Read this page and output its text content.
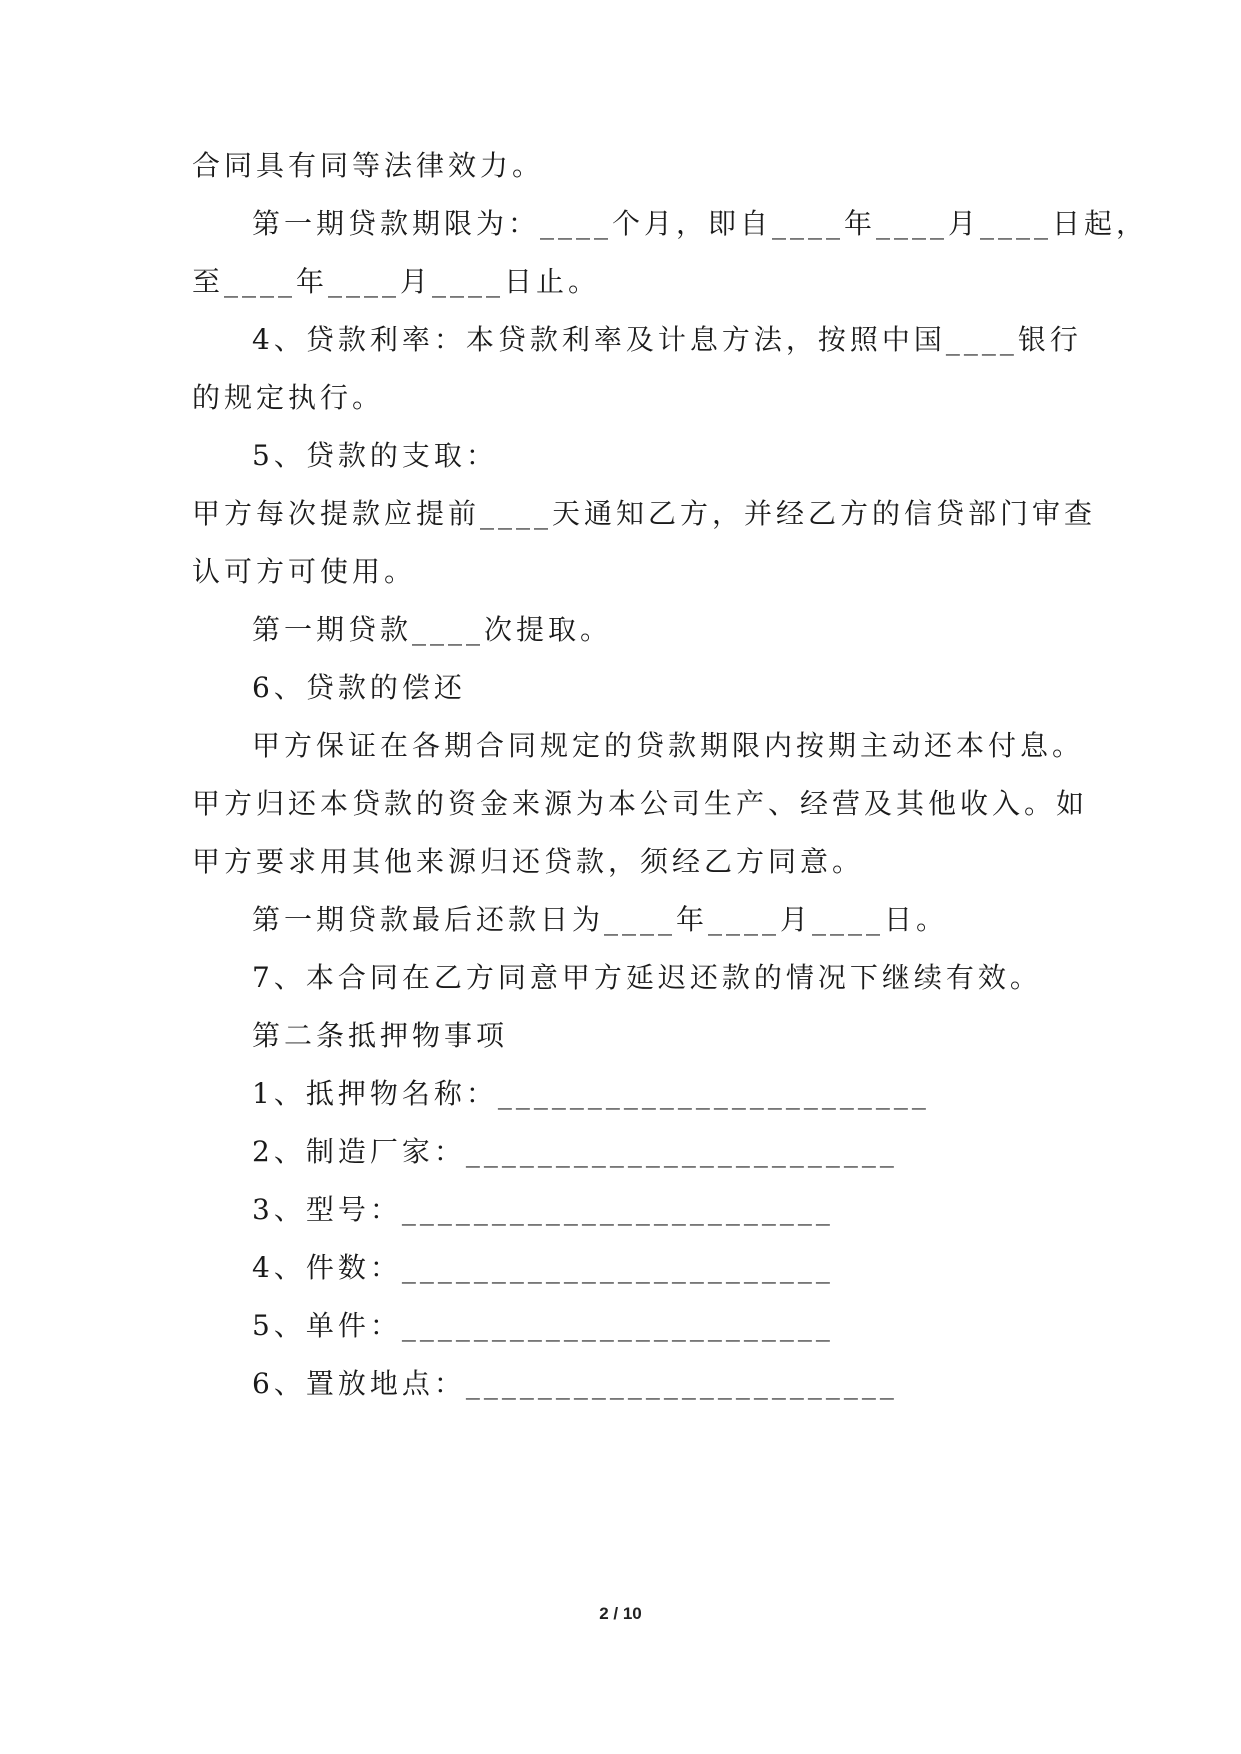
合同具有同等法律效力。
第一期贷款期限为：____个月，即自____年____月____日起，
至____年____月____日止。
4、贷款利率：本贷款利率及计息方法，按照中国____银行
的规定执行。
5、贷款的支取：
甲方每次提款应提前____天通知乙方，并经乙方的信贷部门审查
认可方可使用。
第一期贷款____次提取。
6、贷款的偿还
甲方保证在各期合同规定的贷款期限内按期主动还本付息。
甲方归还本贷款的资金来源为本公司生产、经营及其他收入。如
甲方要求用其他来源归还贷款，须经乙方同意。
第一期贷款最后还款日为____年____月____日。
7、本合同在乙方同意甲方延迟还款的情况下继续有效。
第二条抵押物事项
1、抵押物名称：________________________
2、制造厂家：________________________
3、型号：________________________
4、件数：________________________
5、单件：________________________
6、置放地点：________________________
2 / 10
